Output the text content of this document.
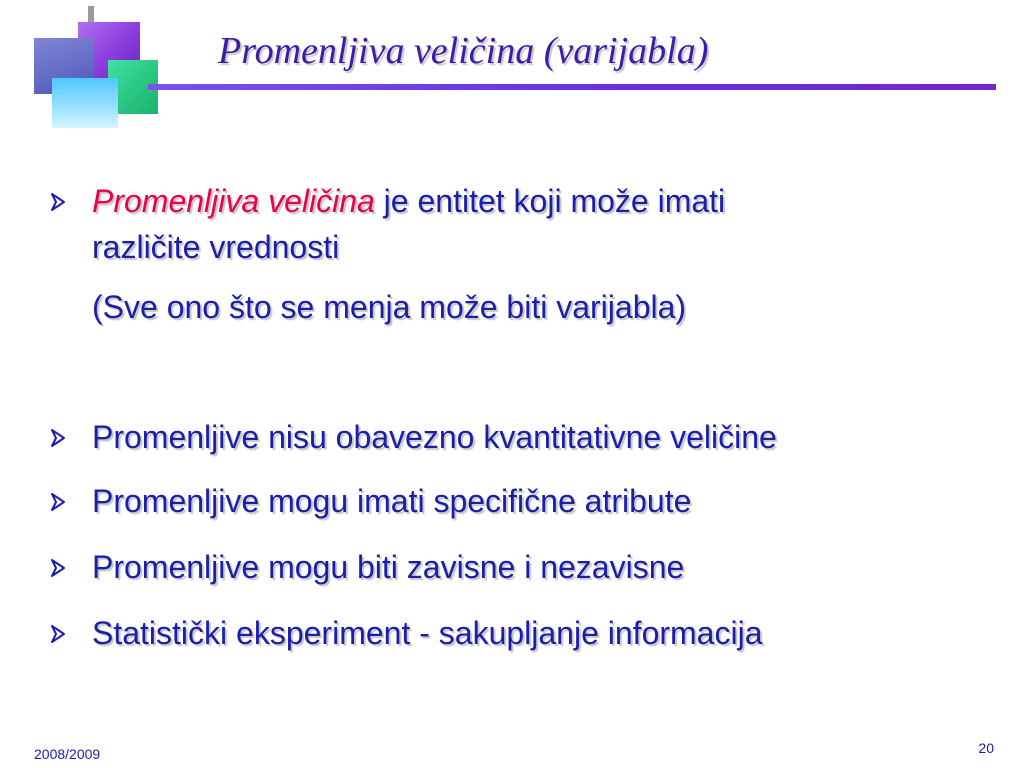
Promenljiva veličina (varijabla)
Promenljiva veličina je entitet koji može imati
različite vrednosti
(Sve ono što se menja može biti varijabla)
Promenljive nisu obavezno kvantitativne veličine
Promenljive mogu imati specifične atribute
Promenljive mogu biti zavisne i nezavisne
Statistički eksperiment - sakupljanje informacija
2008/2009	20
